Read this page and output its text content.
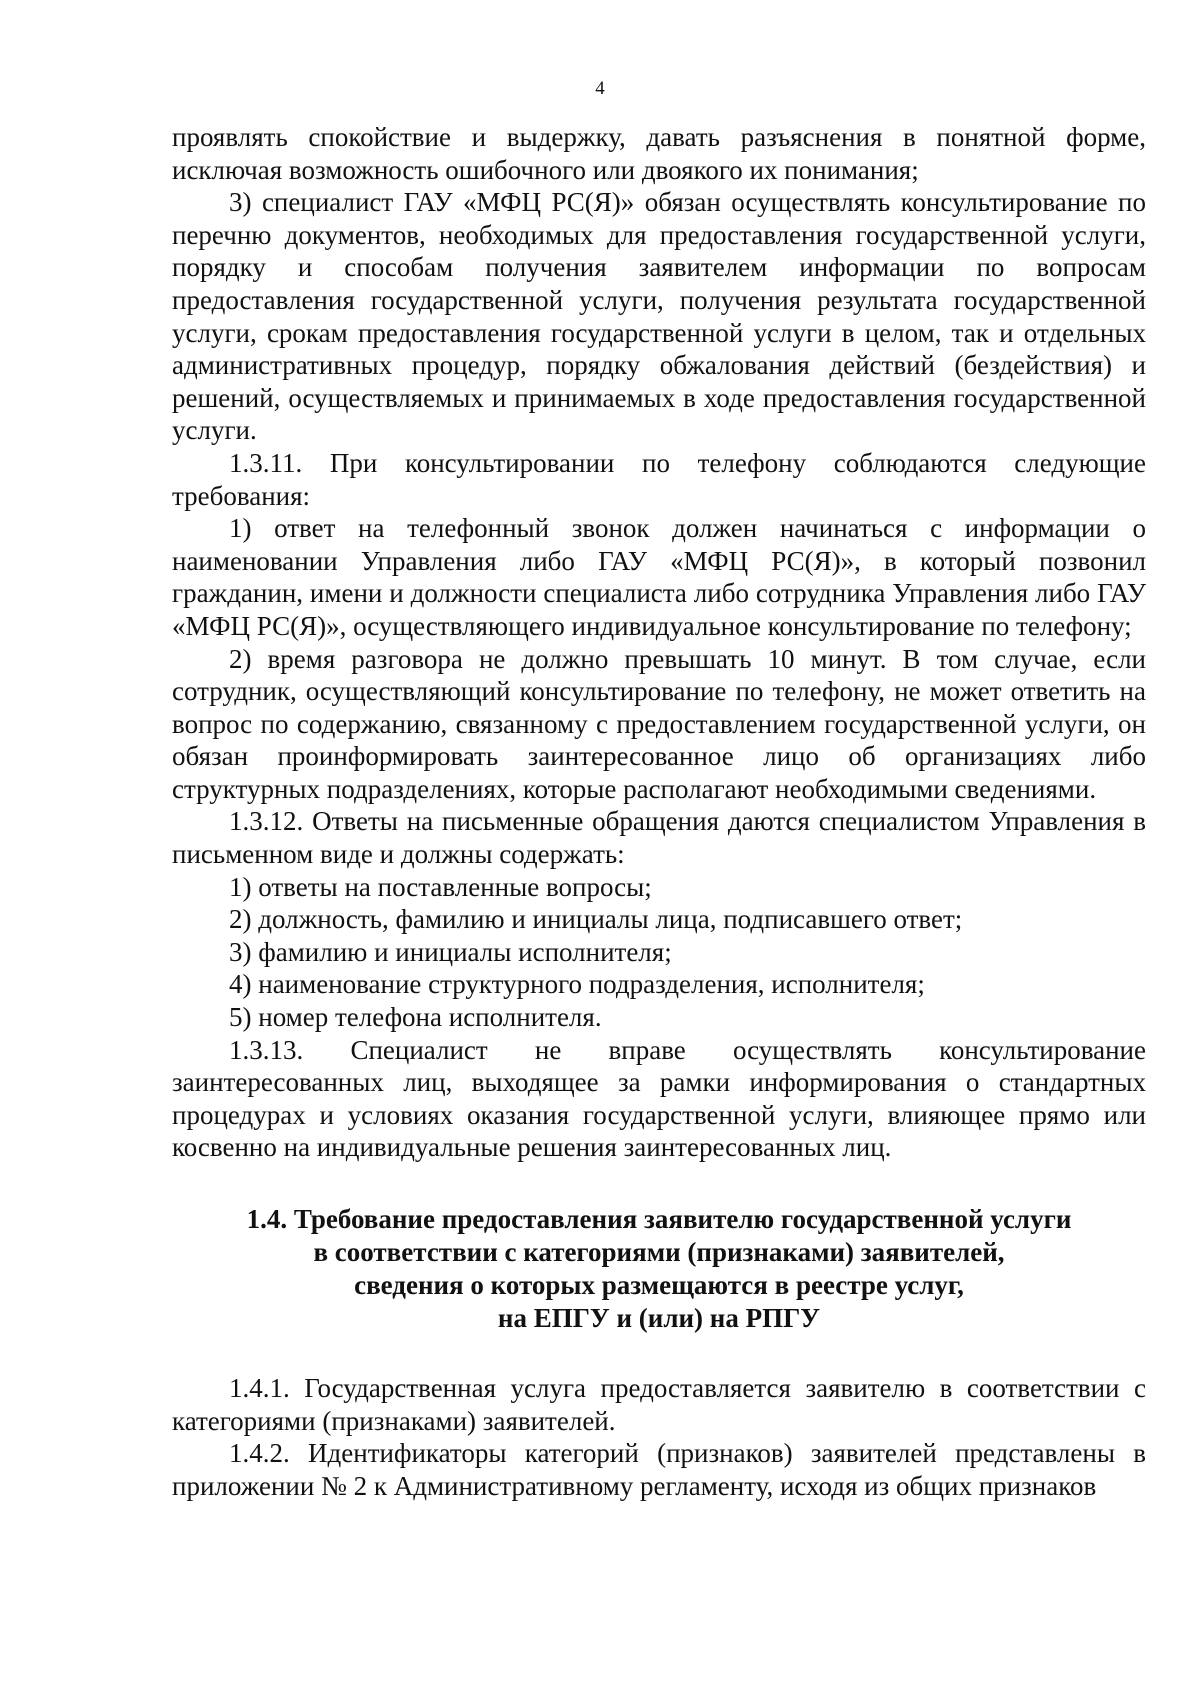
4

проявлять спокойствие и выдержку, давать разъяснения в понятной форме, исключая возможность ошибочного или двоякого их понимания;

3) специалист ГАУ «МФЦ РС(Я)» обязан осуществлять консультирование по перечню документов, необходимых для предоставления государственной услуги, порядку и способам получения заявителем информации по вопросам предоставления государственной услуги, получения результата государственной услуги, срокам предоставления государственной услуги в целом, так и отдельных административных процедур, порядку обжалования действий (бездействия) и решений, осуществляемых и принимаемых в ходе предоставления государственной услуги.

1.3.11. При консультировании по телефону соблюдаются следующие требования:

1) ответ на телефонный звонок должен начинаться с информации о наименовании Управления либо ГАУ «МФЦ РС(Я)», в который позвонил гражданин, имени и должности специалиста либо сотрудника Управления либо ГАУ «МФЦ РС(Я)», осуществляющего индивидуальное консультирование по телефону;

2) время разговора не должно превышать 10 минут. В том случае, если сотрудник, осуществляющий консультирование по телефону, не может ответить на вопрос по содержанию, связанному с предоставлением государственной услуги, он обязан проинформировать заинтересованное лицо об организациях либо структурных подразделениях, которые располагают необходимыми сведениями.

1.3.12. Ответы на письменные обращения даются специалистом Управления в письменном виде и должны содержать:

1) ответы на поставленные вопросы;

2) должность, фамилию и инициалы лица, подписавшего ответ;

3) фамилию и инициалы исполнителя;

4) наименование структурного подразделения, исполнителя;

5) номер телефона исполнителя.

1.3.13. Специалист не вправе осуществлять консультирование заинтересованных лиц, выходящее за рамки информирования о стандартных процедурах и условиях оказания государственной услуги, влияющее прямо или косвенно на индивидуальные решения заинтересованных лиц.

1.4. Требование предоставления заявителю государственной услуги
в соответствии с категориями (признаками) заявителей,
сведения о которых размещаются в реестре услуг,
на ЕПГУ и (или) на РПГУ

1.4.1. Государственная услуга предоставляется заявителю в соответствии с категориями (признаками) заявителей.

1.4.2. Идентификаторы категорий (признаков) заявителей представлены в приложении № 2 к Административному регламенту, исходя из общих признаков
